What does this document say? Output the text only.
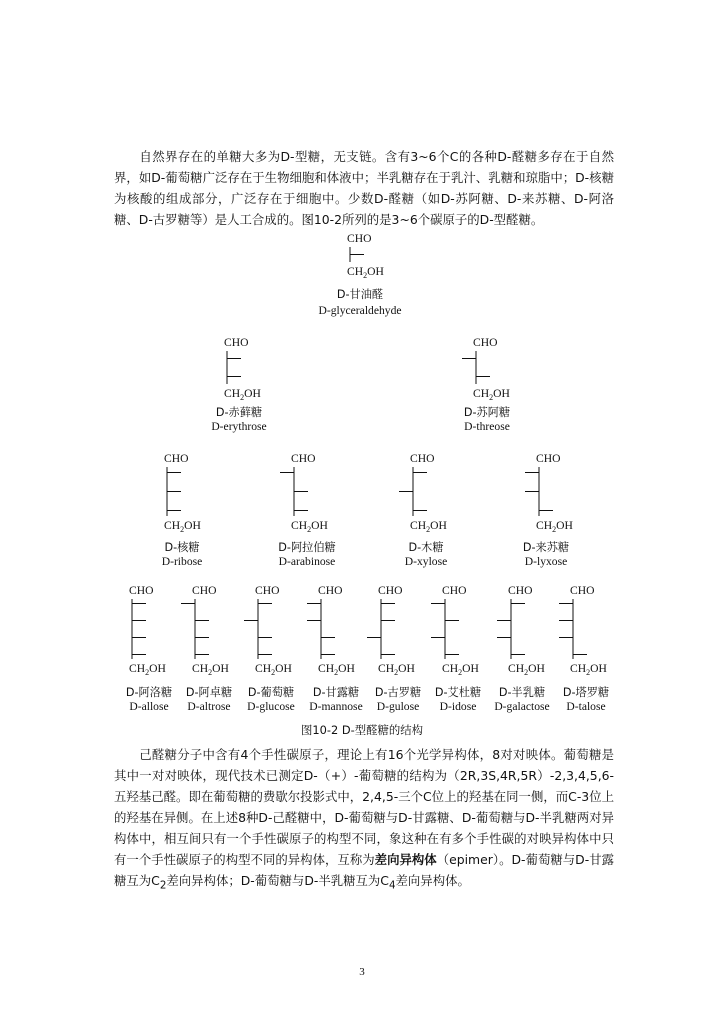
自然界存在的单糖大多为D-型糖，无支链。含有3~6个C的各种D-醛糖多存在于自然界，如D-葡萄糖广泛存在于生物细胞和体液中；半乳糖存在于乳汁、乳糖和琼脂中；D-核糖为核酸的组成部分，广泛存在于细胞中。少数D-醛糖（如D-苏阿糖、D-来苏糖、D-阿洛糖、D-古罗糖等）是人工合成的。图10-2所列的是3~6个碳原子的D-型醛糖。
CHO
$CH_2OH$
CHO
$CH_2OH$
CHO
$CH_2OH$
CHO
$CH_2OH$
CHO
$CH_2OH$
CHO
$CH_2OH$
CHO
$CH_2OH$
CHO
$CH_2OH$
CHO
$CH_2OH$
CHO
$CH_2OH$
CHO
$CH_2OH$
CHO
$CH_2OH$
CHO
$CH_2OH$
CHO
$CH_2OH$
CHO
$CH_2OH$
D-甘油醛
D-glyceraldehyde
D-赤藓糖
D-erythrose
D-苏阿糖
D-threose
D-核糖
D-ribose
D-阿拉伯糖
D-arabinose
D-木糖
D-xylose
D-来苏糖
D-lyxose
D-阿洛糖
D-allose
D-阿卓糖
D-altrose
D-葡萄糖
D-glucose
D-甘露糖
D-mannose
D-古罗糖
D-gulose
D-艾杜糖
D-idose
D-半乳糖
D-galactose
D-塔罗糖
D-talose
图10-2 D-型醛糖的结构
己醛糖分子中含有4个手性碳原子，理论上有16个光学异构体，8对对映体。葡萄糖是其中一对对映体，现代技术已测定D-（+）-葡萄糖的结构为（2R,3S,4R,5R）-2,3,4,5,6-五羟基己醛。即在葡萄糖的费歇尔投影式中，2,4,5-三个C位上的羟基在同一侧，而C-3位上的羟基在异侧。在上述8种D-己醛糖中，D-葡萄糖与D-甘露糖、D-葡萄糖与D-半乳糖两对异构体中，相互间只有一个手性碳原子的构型不同，象这种在有多个手性碳的对映异构体中只有一个手性碳原子的构型不同的异构体，互称为差向异构体（epimer）。D-葡萄糖与D-甘露糖互为$C_2$差向异构体；D-葡萄糖与D-半乳糖互为$C_4$差向异构体。
3
